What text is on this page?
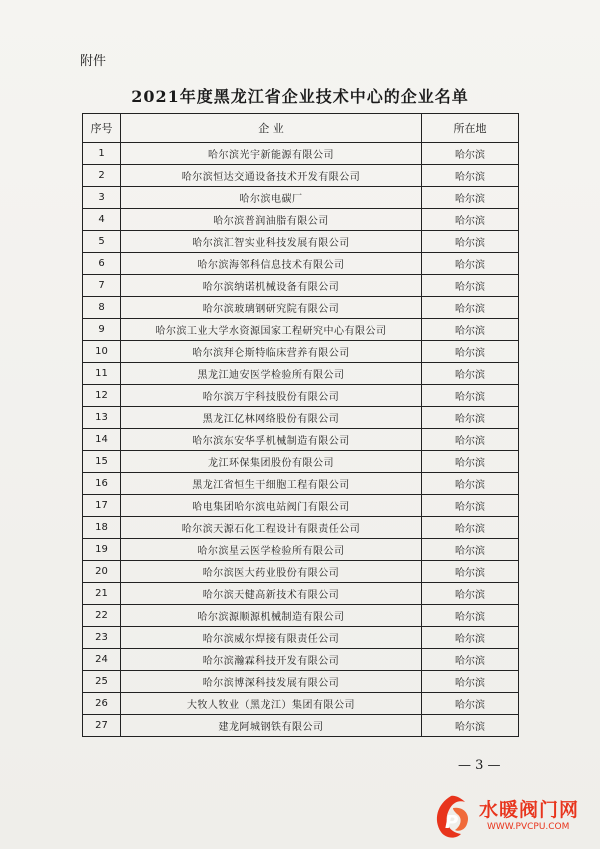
附件
2021年度黑龙江省企业技术中心的企业名单
序号	企 业	所在地
1	哈尔滨光宇新能源有限公司	哈尔滨
2	哈尔滨恒达交通设备技术开发有限公司	哈尔滨
3	哈尔滨电碳厂	哈尔滨
4	哈尔滨普润油脂有限公司	哈尔滨
5	哈尔滨汇智实业科技发展有限公司	哈尔滨
6	哈尔滨海邻科信息技术有限公司	哈尔滨
7	哈尔滨纳诺机械设备有限公司	哈尔滨
8	哈尔滨玻璃钢研究院有限公司	哈尔滨
9	哈尔滨工业大学水资源国家工程研究中心有限公司	哈尔滨
10	哈尔滨拜仑斯特临床营养有限公司	哈尔滨
11	黑龙江迪安医学检验所有限公司	哈尔滨
12	哈尔滨万宇科技股份有限公司	哈尔滨
13	黑龙江亿林网络股份有限公司	哈尔滨
14	哈尔滨东安华孚机械制造有限公司	哈尔滨
15	龙江环保集团股份有限公司	哈尔滨
16	黑龙江省恒生干细胞工程有限公司	哈尔滨
17	哈电集团哈尔滨电站阀门有限公司	哈尔滨
18	哈尔滨天源石化工程设计有限责任公司	哈尔滨
19	哈尔滨星云医学检验所有限公司	哈尔滨
20	哈尔滨医大药业股份有限公司	哈尔滨
21	哈尔滨天健高新技术有限公司	哈尔滨
22	哈尔滨源顺源机械制造有限公司	哈尔滨
23	哈尔滨威尔焊接有限责任公司	哈尔滨
24	哈尔滨瀚霖科技开发有限公司	哈尔滨
25	哈尔滨博深科技发展有限公司	哈尔滨
26	大牧人牧业（黑龙江）集团有限公司	哈尔滨
27	建龙阿城钢铁有限公司	哈尔滨
— 3 —
P
水暖阀门网
WWW.PVCPU.COM
